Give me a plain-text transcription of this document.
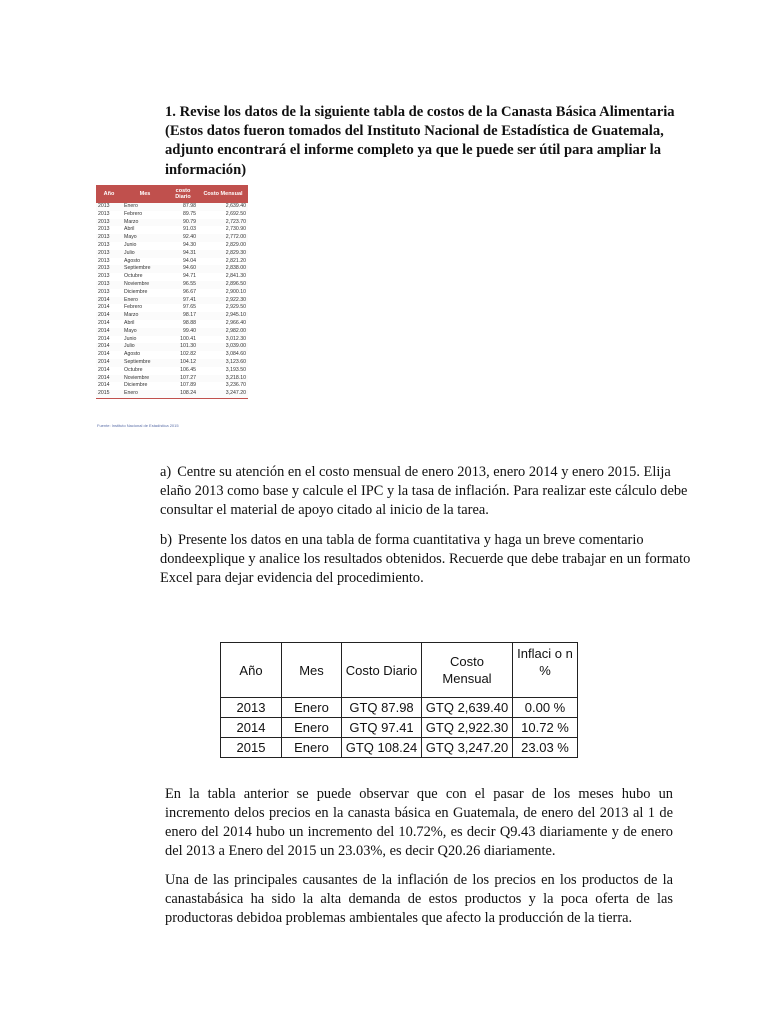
1. Revise los datos de la siguiente tabla de costos de la Canasta Básica Alimentaria (Estos datos fueron tomados del Instituto Nacional de Estadística de Guatemala, adjunto encontrará el informe completo ya que le puede ser útil para ampliar la información)
Año	Mes	costo Diario	Costo Mensual
2013	Enero	87.98	2,639.40
2013	Febrero	89.75	2,692.50
2013	Marzo	90.79	2,723.70
2013	Abril	91.03	2,730.90
2013	Mayo	92.40	2,772.00
2013	Junio	94.30	2,829.00
2013	Julio	94.31	2,829.30
2013	Agosto	94.04	2,821.20
2013	Septiembre	94.60	2,838.00
2013	Octubre	94.71	2,841.30
2013	Noviembre	96.55	2,896.50
2013	Diciembre	96.67	2,900.10
2014	Enero	97.41	2,922.30
2014	Febrero	97.65	2,929.50
2014	Marzo	98.17	2,945.10
2014	Abril	98.88	2,966.40
2014	Mayo	99.40	2,982.00
2014	Junio	100.41	3,012.30
2014	Julio	101.30	3,039.00
2014	Agosto	102.82	3,084.60
2014	Septiembre	104.12	3,123.60
2014	Octubre	106.45	3,193.50
2014	Noviembre	107.27	3,218.10
2014	Diciembre	107.89	3,236.70
2015	Enero	108.24	3,247.20
Fuente: Instituto Nacional de Estadística 2015
a) Centre su atención en el costo mensual de enero 2013, enero 2014 y enero 2015. Elija elaño 2013 como base y calcule el IPC y la tasa de inflación. Para realizar este cálculo debe consultar el material de apoyo citado al inicio de la tarea.
b) Presente los datos en una tabla de forma cuantitativa y haga un breve comentario dondeexplique y analice los resultados obtenidos. Recuerde que debe trabajar en un formato Excel para dejar evidencia del procedimiento.
Año	Mes	Costo Diario	Costo Mensual	Inflaci o n %
2013	Enero	GTQ 87.98	GTQ 2,639.40	0.00 %
2014	Enero	GTQ 97.41	GTQ 2,922.30	10.72 %
2015	Enero	GTQ 108.24	GTQ 3,247.20	23.03 %
En la tabla anterior se puede observar que con el pasar de los meses hubo un incremento delos precios en la canasta básica en Guatemala, de enero del 2013 al 1 de enero del 2014 hubo un incremento del 10.72%, es decir Q9.43 diariamente y de enero del 2013 a Enero del 2015 un 23.03%, es decir Q20.26 diariamente.
Una de las principales causantes de la inflación de los precios en los productos de la canastabásica ha sido la alta demanda de estos productos y la poca oferta de las productoras debidoa problemas ambientales que afecto la producción de la tierra.
